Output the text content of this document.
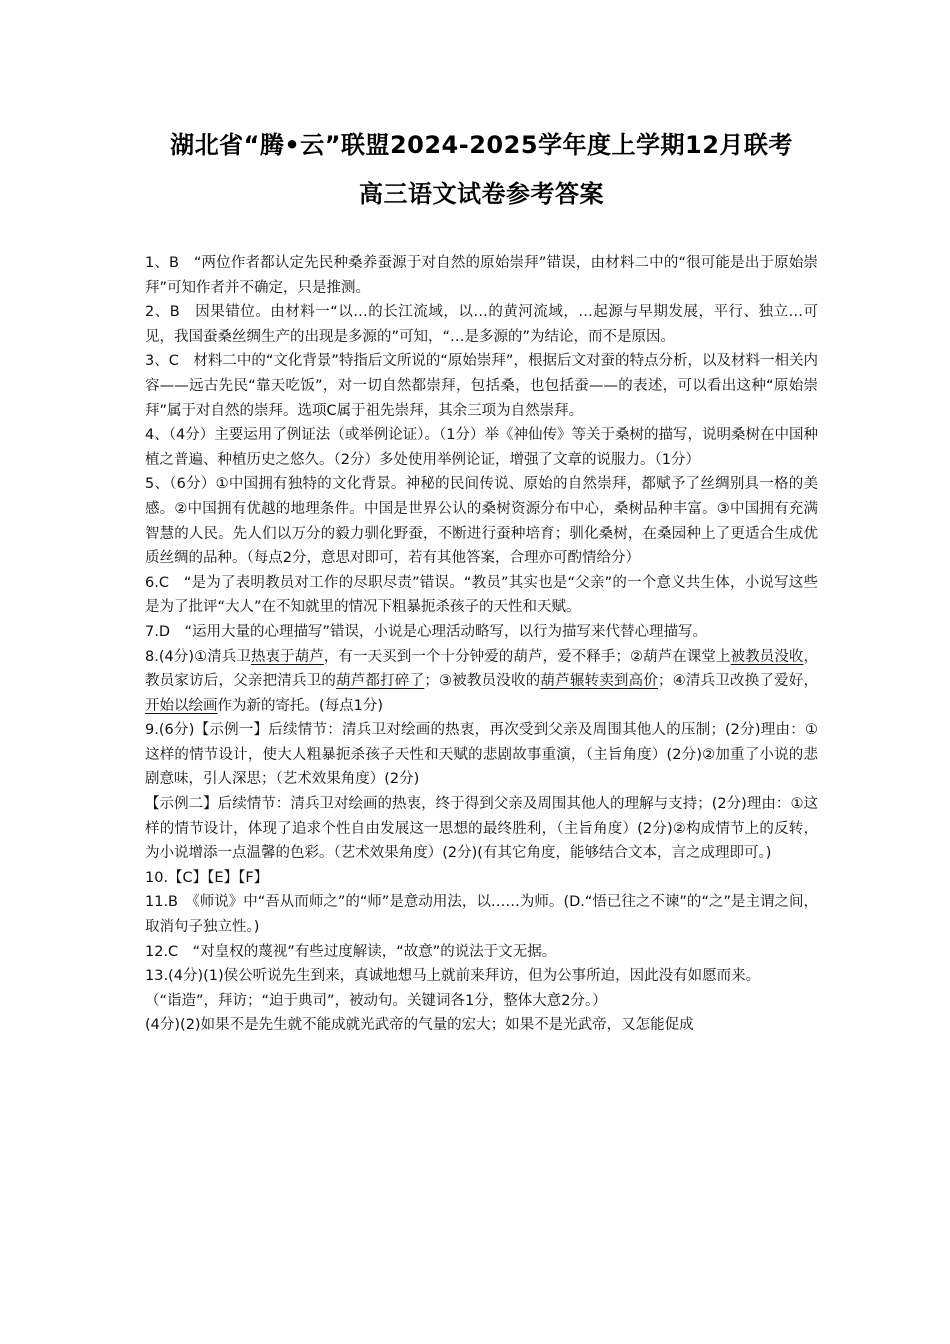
湖北省“腾•云”联盟2024-2025学年度上学期12月联考
高三语文试卷参考答案

1、B　“两位作者都认定先民种桑养蚕源于对自然的原始崇拜”错误，由材料二中的“很可能是出于原始崇拜”可知作者并不确定，只是推测。

2、B　因果错位。由材料一“以…的长江流域，以…的黄河流域，…起源与早期发展，平行、独立…可见，我国蚕桑丝绸生产的出现是多源的”可知，“…是多源的”为结论，而不是原因。

3、C　材料二中的“文化背景”特指后文所说的“原始崇拜”，根据后文对蚕的特点分析，以及材料一相关内容——远古先民“靠天吃饭”，对一切自然都崇拜，包括桑，也包括蚕——的表述，可以看出这种“原始崇拜”属于对自然的崇拜。选项C属于祖先崇拜，其余三项为自然崇拜。

4、（4分）主要运用了例证法（或举例论证）。（1分）举《神仙传》等关于桑树的描写，说明桑树在中国种植之普遍、种植历史之悠久。（2分）多处使用举例论证，增强了文章的说服力。（1分）

5、（6分）①中国拥有独特的文化背景。神秘的民间传说、原始的自然崇拜，都赋予了丝绸别具一格的美感。②中国拥有优越的地理条件。中国是世界公认的桑树资源分布中心，桑树品种丰富。③中国拥有充满智慧的人民。先人们以万分的毅力驯化野蚕，不断进行蚕种培育；驯化桑树，在桑园种上了更适合生成优质丝绸的品种。（每点2分，意思对即可，若有其他答案，合理亦可酌情给分）

6.C　“是为了表明教员对工作的尽职尽责”错误。“教员”其实也是“父亲”的一个意义共生体，小说写这些是为了批评“大人”在不知就里的情况下粗暴扼杀孩子的天性和天赋。

7.D　“运用大量的心理描写”错误，小说是心理活动略写，以行为描写来代替心理描写。

8.(4分)①清兵卫热衷于葫芦，有一天买到一个十分钟爱的葫芦，爱不释手；②葫芦在课堂上被教员没收，教员家访后，父亲把清兵卫的葫芦都打碎了；③被教员没收的葫芦辗转卖到高价；④清兵卫改换了爱好，开始以绘画作为新的寄托。(每点1分)

9.(6分)【示例一】后续情节：清兵卫对绘画的热衷，再次受到父亲及周围其他人的压制；(2分)理由：①这样的情节设计，使大人粗暴扼杀孩子天性和天赋的悲剧故事重演，（主旨角度）(2分)②加重了小说的悲剧意味，引人深思；（艺术效果角度）(2分)

【示例二】后续情节：清兵卫对绘画的热衷，终于得到父亲及周围其他人的理解与支持；(2分)理由：①这样的情节设计，体现了追求个性自由发展这一思想的最终胜利，（主旨角度）(2分)②构成情节上的反转，为小说增添一点温馨的色彩。（艺术效果角度）(2分)(有其它角度，能够结合文本，言之成理即可。)

10.【C】【E】【F】

11.B　《师说》中“吾从而师之”的“师”是意动用法，以……为师。(D.“悟已往之不谏”的“之”是主谓之间，取消句子独立性。)

12.C　“对皇权的蔑视”有些过度解读，“故意”的说法于文无据。

13.(4分)(1)侯公听说先生到来，真诚地想马上就前来拜访，但为公事所迫，因此没有如愿而来。

（“诣造”，拜访；“迫于典司”，被动句。关键词各1分，整体大意2分。）

(4分)(2)如果不是先生就不能成就光武帝的气量的宏大；如果不是光武帝，又怎能促成
